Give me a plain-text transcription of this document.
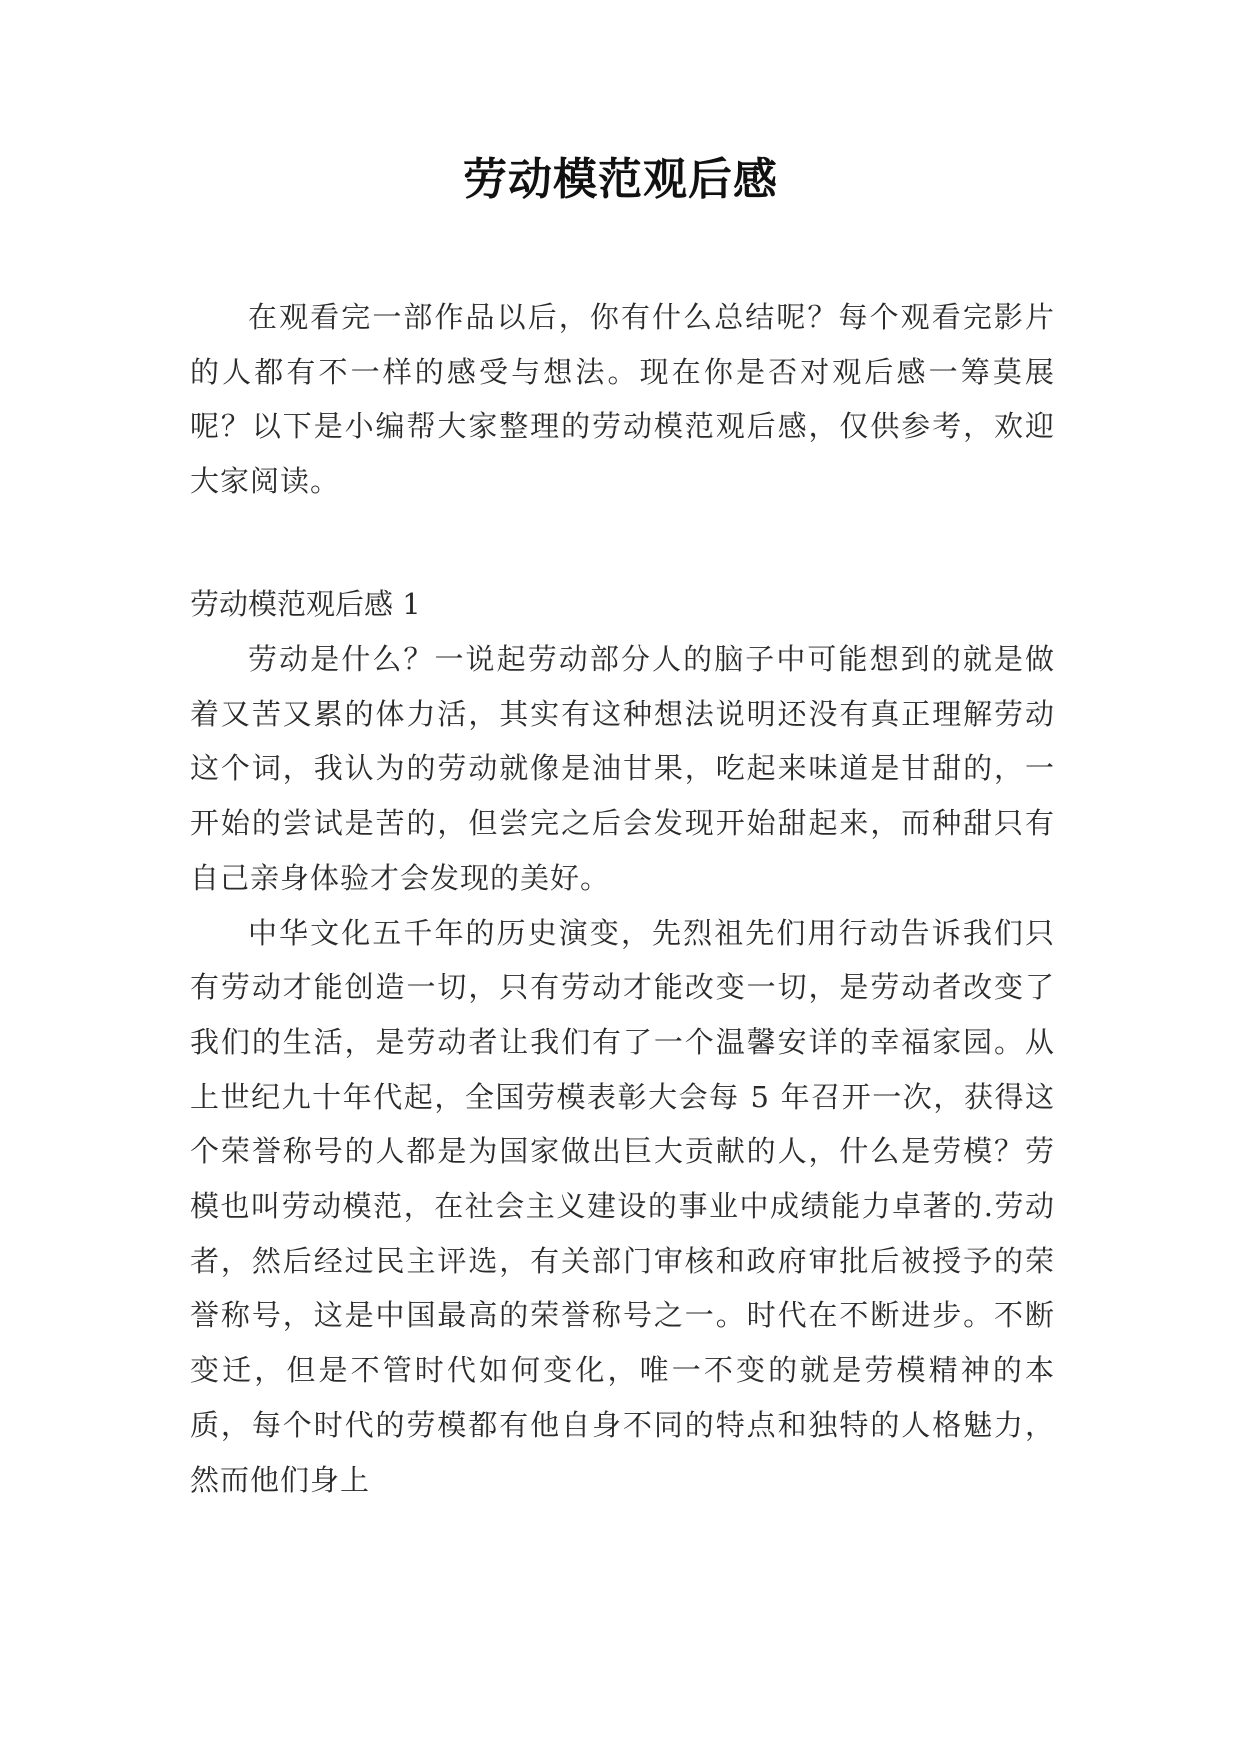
劳动模范观后感

在观看完一部作品以后，你有什么总结呢？每个观看完影片的人都有不一样的感受与想法。现在你是否对观后感一筹莫展呢？以下是小编帮大家整理的劳动模范观后感，仅供参考，欢迎大家阅读。

劳动模范观后感 1

劳动是什么？一说起劳动部分人的脑子中可能想到的就是做着又苦又累的体力活，其实有这种想法说明还没有真正理解劳动这个词，我认为的劳动就像是油甘果，吃起来味道是甘甜的，一开始的尝试是苦的，但尝完之后会发现开始甜起来，而种甜只有自己亲身体验才会发现的美好。

中华文化五千年的历史演变，先烈祖先们用行动告诉我们只有劳动才能创造一切，只有劳动才能改变一切，是劳动者改变了我们的生活，是劳动者让我们有了一个温馨安详的幸福家园。从上世纪九十年代起，全国劳模表彰大会每 5 年召开一次，获得这个荣誉称号的人都是为国家做出巨大贡献的人，什么是劳模？劳模也叫劳动模范，在社会主义建设的事业中成绩能力卓著的.劳动者，然后经过民主评选，有关部门审核和政府审批后被授予的荣誉称号，这是中国最高的荣誉称号之一。时代在不断进步。不断变迁，但是不管时代如何变化，唯一不变的就是劳模精神的本质，每个时代的劳模都有他自身不同的特点和独特的人格魅力，然而他们身上
